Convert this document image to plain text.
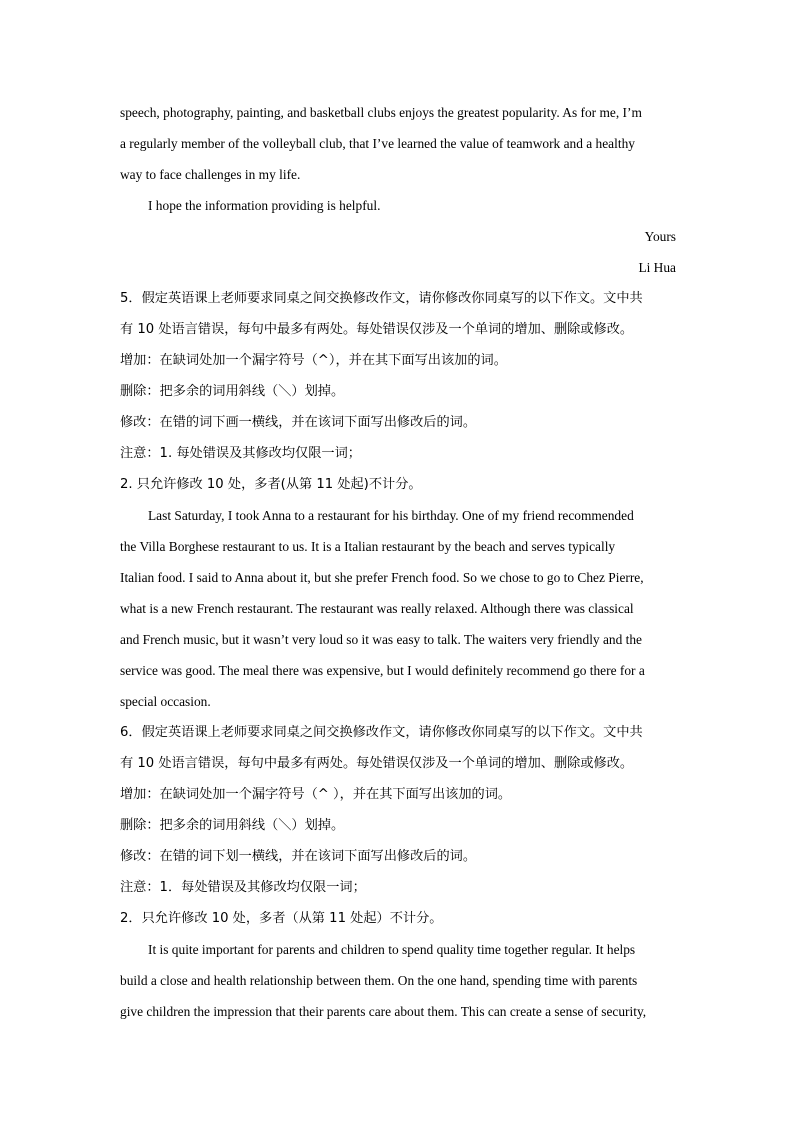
speech, photography, painting, and basketball clubs enjoys the greatest popularity. As for me, I’m

a regularly member of the volleyball club, that I’ve learned the value of teamwork and a healthy

way to face challenges in my life.

I hope the information providing is helpful.

Yours

Li Hua

5．假定英语课上老师要求同桌之间交换修改作文，请你修改你同桌写的以下作文。文中共

有 10 处语言错误，每句中最多有两处。每处错误仅涉及一个单词的增加、删除或修改。

增加：在缺词处加一个漏字符号（^），并在其下面写出该加的词。

删除：把多余的词用斜线（＼）划掉。

修改：在错的词下画一横线，并在该词下面写出修改后的词。

注意：1. 每处错误及其修改均仅限一词；

2. 只允许修改 10 处，多者(从第 11 处起)不计分。

Last Saturday, I took Anna to a restaurant for his birthday. One of my friend recommended

the Villa Borghese restaurant to us. It is a Italian restaurant by the beach and serves typically

Italian food. I said to Anna about it, but she prefer French food. So we chose to go to Chez Pierre,

what is a new French restaurant. The restaurant was really relaxed. Although there was classical

and French music, but it wasn’t very loud so it was easy to talk. The waiters very friendly and the

service was good. The meal there was expensive, but I would definitely recommend go there for a

special occasion.

6．假定英语课上老师要求同桌之间交换修改作文，请你修改你同桌写的以下作文。文中共

有 10 处语言错误，每句中最多有两处。每处错误仅涉及一个单词的增加、删除或修改。

增加：在缺词处加一个漏字符号（^ ），并在其下面写出该加的词。

删除：把多余的词用斜线（＼）划掉。

修改：在错的词下划一横线，并在该词下面写出修改后的词。

注意：1．每处错误及其修改均仅限一词；

2．只允许修改 10 处，多者（从第 11 处起）不计分。

It is quite important for parents and children to spend quality time together regular. It helps

build a close and health relationship between them. On the one hand, spending time with parents

give children the impression that their parents care about them. This can create a sense of security,
